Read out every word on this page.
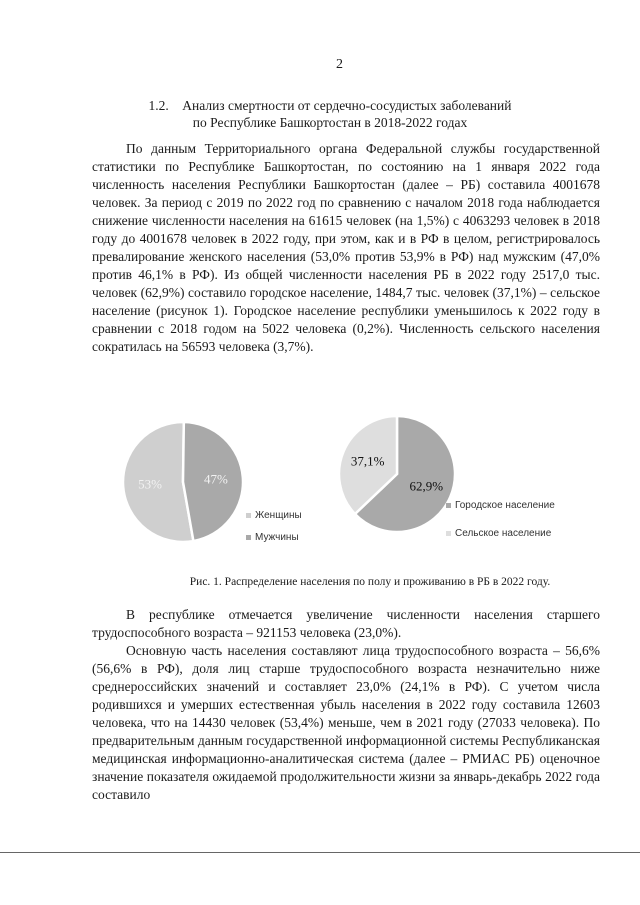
2
1.2.    Анализ смертности от сердечно-сосудистых заболеваний
по Республике Башкортостан в 2018-2022 годах

По данным Территориального органа Федеральной службы государственной статистики по Республике Башкортостан, по состоянию на 1 января 2022 года численность населения Республики Башкортостан (далее – РБ) составила 4001678 человек. За период с 2019 по 2022 год по сравнению с началом 2018 года наблюдается снижение численности населения на 61615 человек (на 1,5%) с 4063293 человек в 2018 году до 4001678 человек в 2022 году, при этом, как и в РФ в целом, регистрировалось превалирование женского населения (53,0% против 53,9% в РФ) над мужским (47,0% против 46,1% в РФ). Из общей численности населения РБ в 2022 году 2517,0 тыс. человек (62,9%) составило городское население, 1484,7 тыс. человек (37,1%) – сельское население (рисунок 1). Городское население республики уменьшилось к 2022 году в сравнении с 2018 годом на 5022 человека (0,2%). Численность сельского населения сократилась на 56593 человека (3,7%).

53%	47%
Женщины
Мужчины
62,9%
37,1%
Городское население
Сельское население
Рис. 1. Распределение населения по полу и проживанию в РБ в 2022 году.

В республике отмечается увеличение численности населения старшего трудоспособного возраста – 921153 человека (23,0%).

Основную часть населения составляют лица трудоспособного возраста – 56,6% (56,6% в РФ), доля лиц старше трудоспособного возраста незначительно ниже среднероссийских значений и составляет 23,0% (24,1% в РФ). С учетом числа родившихся и умерших естественная убыль населения в 2022 году составила 12603 человека, что на 14430 человек (53,4%) меньше, чем в 2021 году (27033 человека). По предварительным данным государственной информационной системы Республиканская медицинская информационно-аналитическая система (далее – РМИАС РБ) оценочное значение показателя ожидаемой продолжительности жизни за январь-декабрь 2022 года составило
